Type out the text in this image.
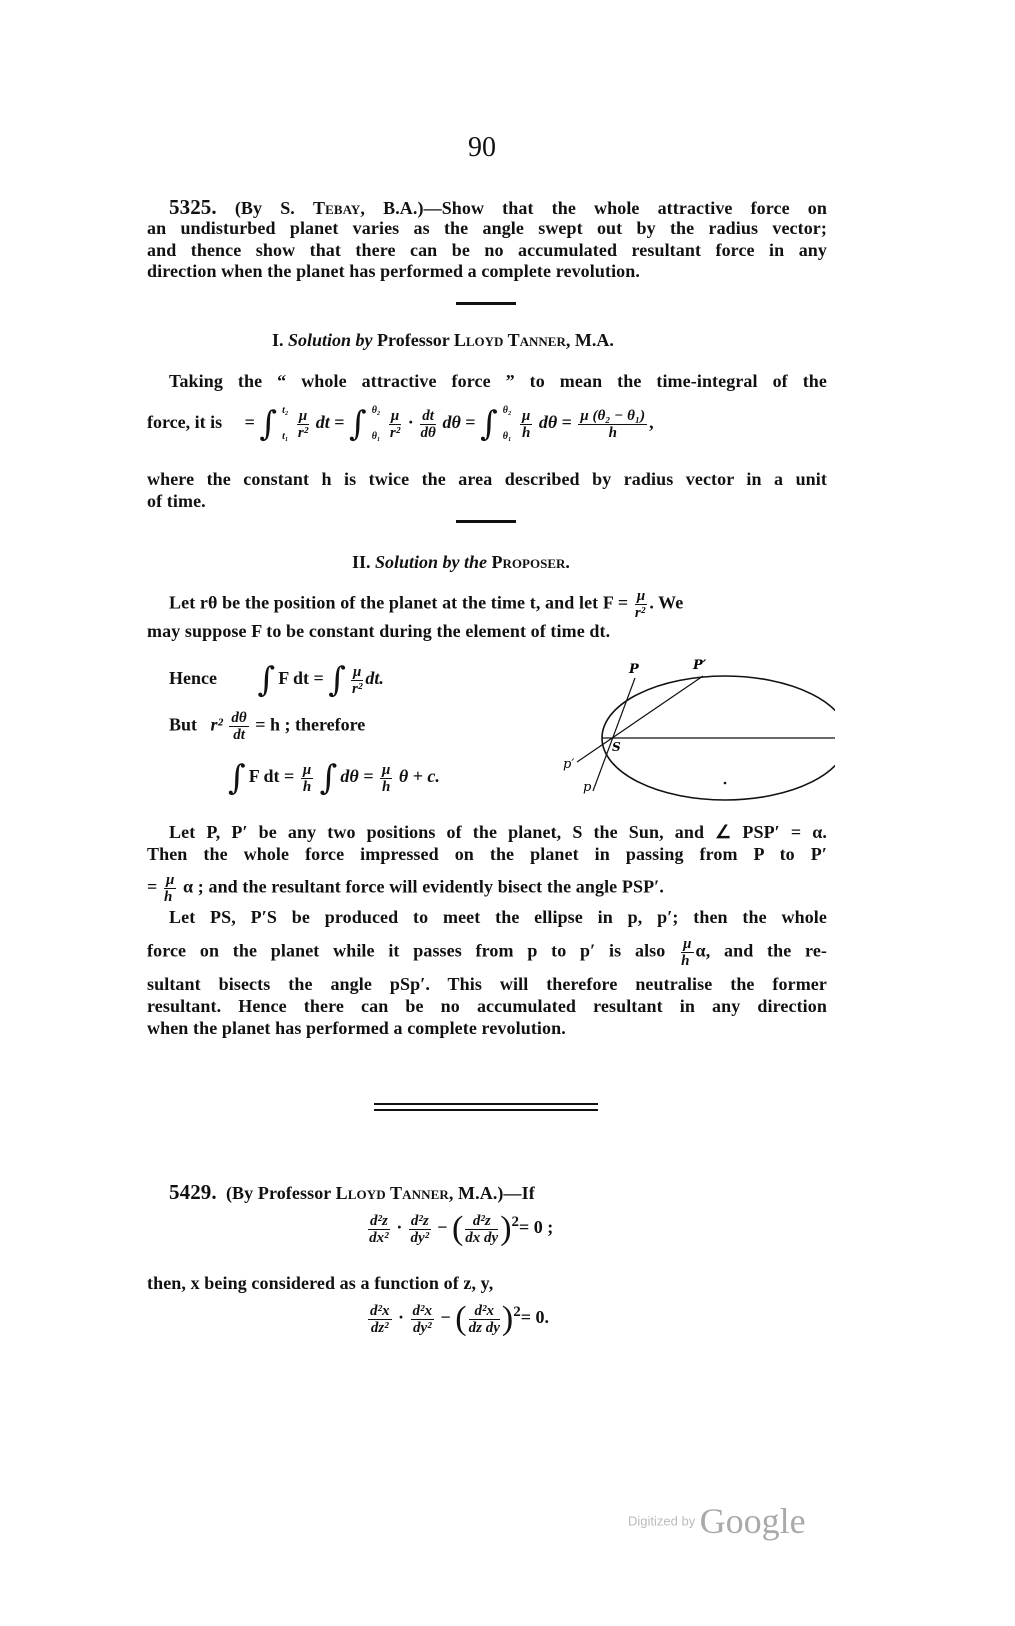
90
5325. (By S. Tebay, B.A.)—Show that the whole attractive force on
an undisturbed planet varies as the angle swept out by the radius vector;
and thence show that there can be no accumulated resultant force in any
direction when the planet has performed a complete revolution.
I. Solution by Professor Lloyd Tanner, M.A.
Taking the “ whole attractive force ” to mean the time-integral of the
force, it is = ∫ t₂
t₁
$\frac{\mu}{\text{r²}}$ dt = ∫ θ₂
θ₁
$\frac{\mu}{\text{r²}} \cdot \frac{dt}{d\theta}$ dθ = ∫ θ₂
θ₁
$\frac{\mu}{h}$ $d\theta = \frac{\text{μ (θ₂ − θ₁)}}{h}$ ,
where the constant h is twice the area described by radius vector in a unit
of time.
II. Solution by the Proposer.
Let rθ be the position of the planet at the time t, and let $F = \frac{\mu}{\text{r²}}$ . We
may suppose F to be constant during the element of time dt.
Hence ∫ F dt = ∫ $\frac{\mu}{\text{r²}}$ dt.
But $r^2 \frac{d\theta}{dt} = h$ ; therefore
∫ F dt = $\frac{\mu}{h}$ ∫ $d\theta = \frac{\mu}{h}$ θ + c.
P	P′
S
p′
p
Let P, P′ be any two positions of the planet, S the Sun, and ∠ PSP′ = α.
Then the whole force impressed on the planet in passing from P to P′
= $\frac{\mu}{h}$ α ; and the resultant force will evidently bisect the angle PSP′.
Let PS, P′S be produced to meet the ellipse in p, p′; then the whole
force on the planet while it passes from p to p′ is also $\frac{\mu}{h} \alpha$, and the re-
sultant bisects the angle pSp′. This will therefore neutralise the former
resultant. Hence there can be no accumulated resultant in any direction
when the planet has performed a complete revolution.
5429. (By Professor Lloyd Tanner, M.A.)—If
$\frac{\text{d²z}}{\text{dx²}} \cdot \frac{\text{d²z}}{\text{dy²}}$ − ( $\frac{\text{d²z}}{\text{dx dy}} )^2= 0$ ;
then, x being considered as a function of z, y,
$\frac{\text{d²x}}{\text{dz²}} \cdot \frac{\text{d²x}}{\text{dy²}}$ − ( $\frac{\text{d²x}}{\text{dz dy}} )^2= 0$.
Digitized by Google
